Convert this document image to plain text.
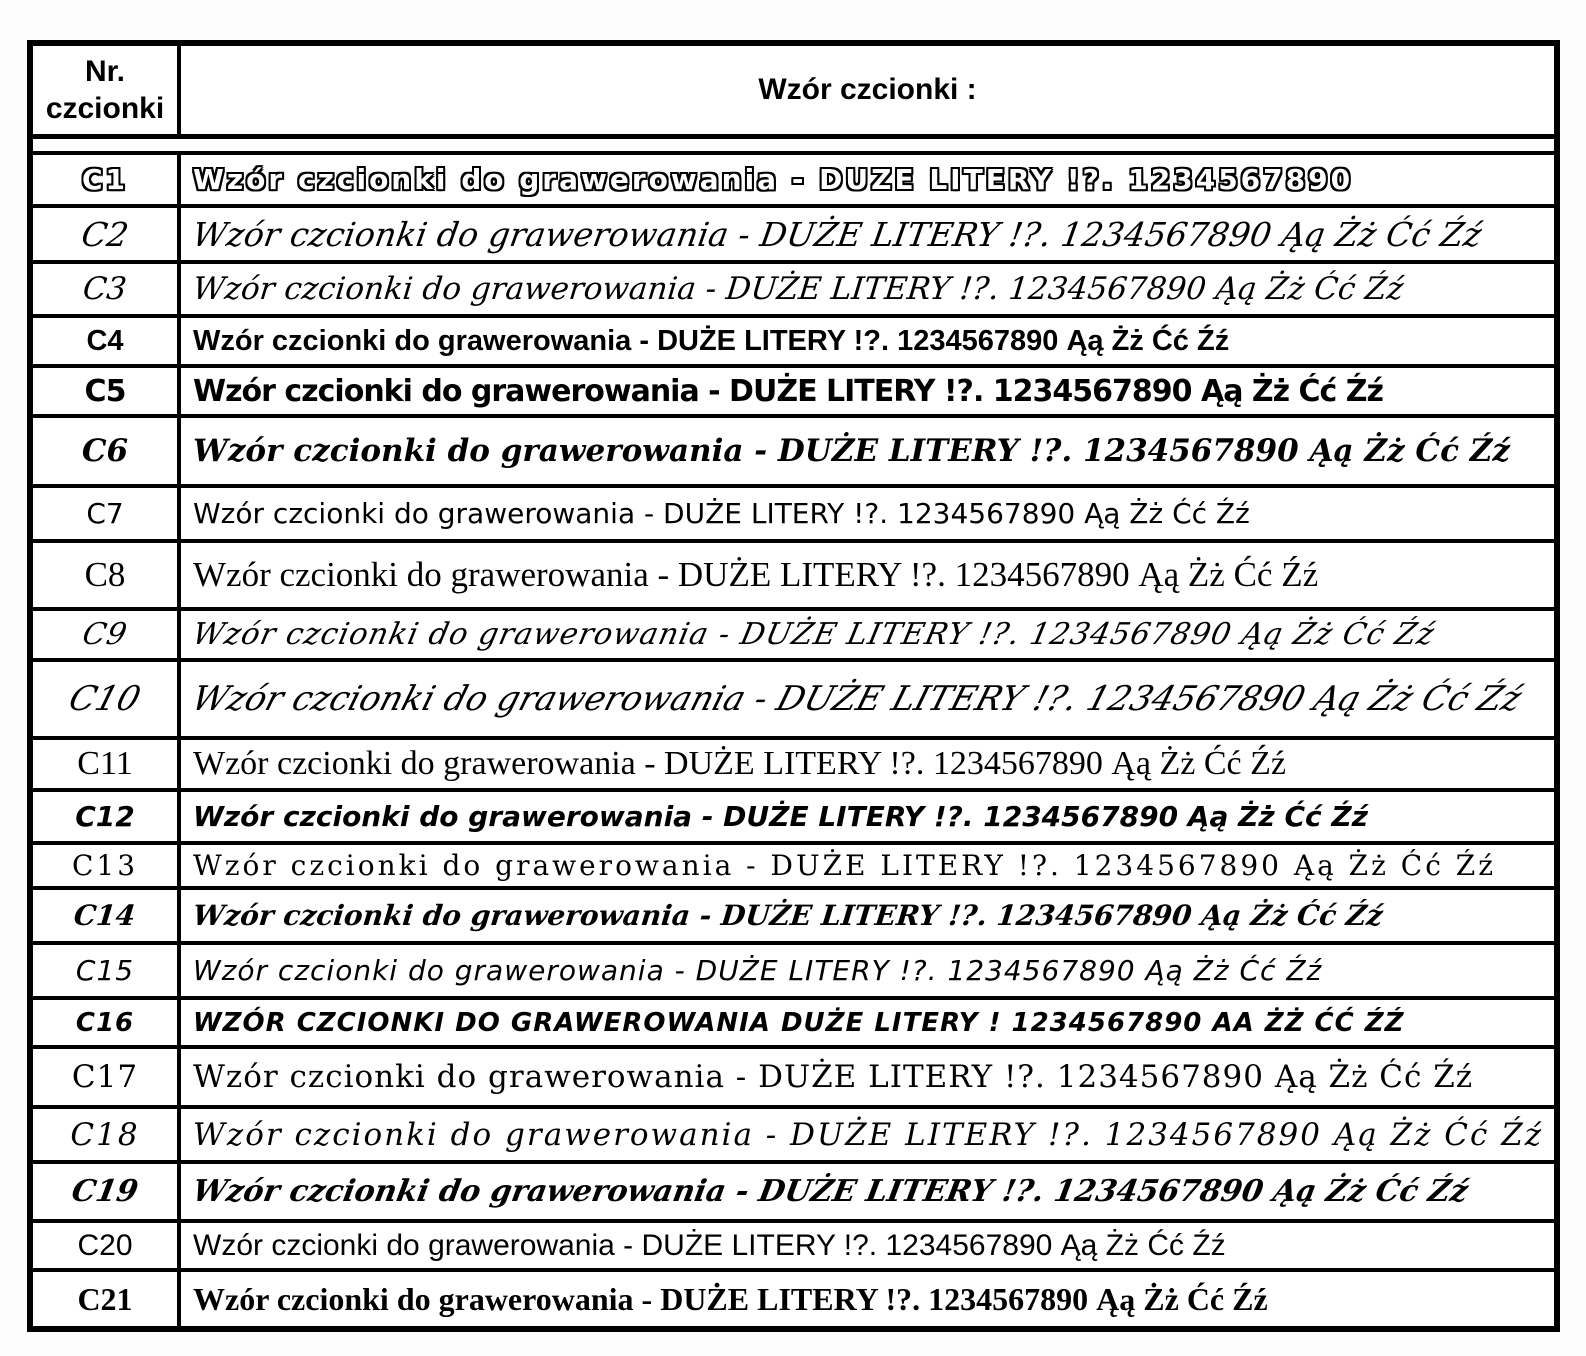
Nr.
czcionki
Wzór czcionki :
C1 Wzór czcionki do grawerowania - DUZE LITERY !?. 1234567890
C2 Wzór czcionki do grawerowania - DUŻE LITERY !?. 1234567890 Ąą Żż Ćć Źź
C3 Wzór czcionki do grawerowania - DUŻE LITERY !?. 1234567890 Ąą Żż Ćć Źź
C4 Wzór czcionki do grawerowania - DUŻE LITERY !?. 1234567890 Ąą Żż Ćć Źź
C5 Wzór czcionki do grawerowania - DUŻE LITERY !?. 1234567890 Ąą Żż Ćć Źź
C6 Wzór czcionki do grawerowania - DUŻE LITERY !?. 1234567890 Ąą Żż Ćć Źź
C7 Wzór czcionki do grawerowania - DUŻE LITERY !?. 1234567890 Ąą Żż Ćć Źź
C8 Wzór czcionki do grawerowania - DUŻE LITERY !?. 1234567890 Ąą Żż Ćć Źź
C9 Wzór czcionki do grawerowania - DUŻE LITERY !?. 1234567890 Ąą Żż Ćć Źź
C10 Wzór czcionki do grawerowania - DUŻE LITERY !?. 1234567890 Ąą Żż Ćć Źź
C11 Wzór czcionki do grawerowania - DUŻE LITERY !?. 1234567890 Ąą Żż Ćć Źź
C12 Wzór czcionki do grawerowania - DUŻE LITERY !?. 1234567890 Ąą Żż Ćć Źź
C13 Wzór czcionki do grawerowania - DUŻE LITERY !?. 1234567890 Ąą Żż Ćć Źź
C14 Wzór czcionki do grawerowania - DUŻE LITERY !?. 1234567890 Ąą Żż Ćć Źź
C15 Wzór czcionki do grawerowania - DUŻE LITERY !?. 1234567890 Ąą Żż Ćć Źź
C16 WZÓR CZCIONKI DO GRAWEROWANIA DUŻE LITERY ! 1234567890 AA ŻŻ ĆĆ ŹŹ
C17 Wzór czcionki do grawerowania - DUŻE LITERY !?. 1234567890 Ąą Żż Ćć Źź
C18 Wzór czcionki do grawerowania - DUŻE LITERY !?. 1234567890 Ąą Żż Ćć Źź
C19 Wzór czcionki do grawerowania - DUŻE LITERY !?. 1234567890 Ąą Żż Ćć Źź
C20 Wzór czcionki do grawerowania - DUŻE LITERY !?. 1234567890 Ąą Żż Ćć Źź
C21 Wzór czcionki do grawerowania - DUŻE LITERY !?. 1234567890 Ąą Żż Ćć Źź
